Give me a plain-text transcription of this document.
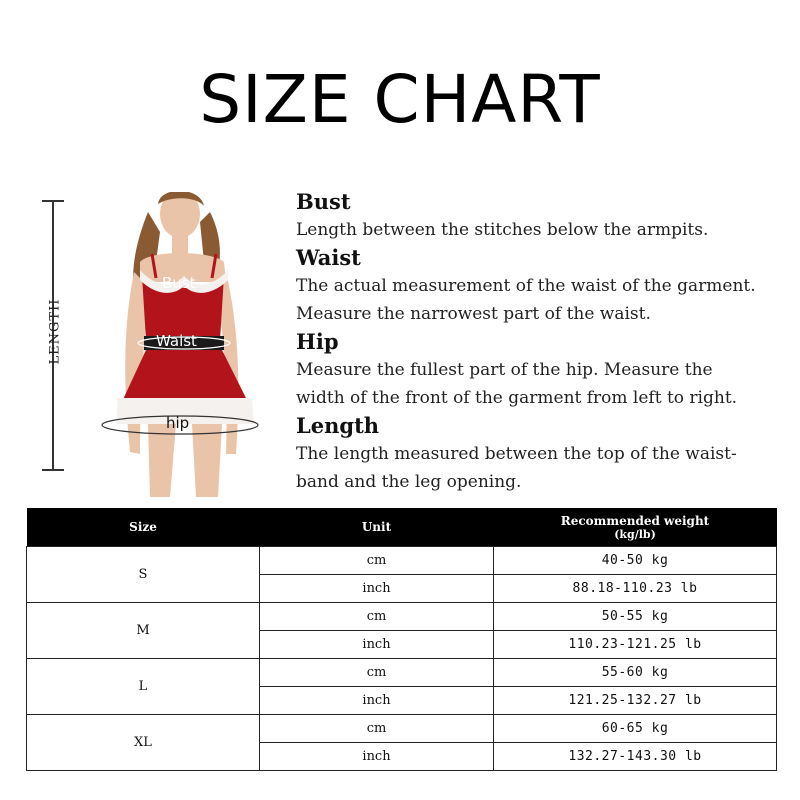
SIZE CHART
LENGTH
Bust
Waist
hip
Bust
Length between the stitches below the armpits.
Waist
The actual measurement of the waist of the garment.
Measure the narrowest part of the waist.
Hip
Measure the fullest part of the hip. Measure the
width of the front of the garment from left to right.
Length
The length measured between the top of the waist-
band and the leg opening.
Size	Unit	Recommended weight
(kg/lb)

S	cm	40-50 kg
	inch	88.18-110.23 lb
M	cm	50-55 kg
	inch	110.23-121.25 lb
L	cm	55-60 kg
	inch	121.25-132.27 lb
XL	cm	60-65 kg
	inch	132.27-143.30 lb
